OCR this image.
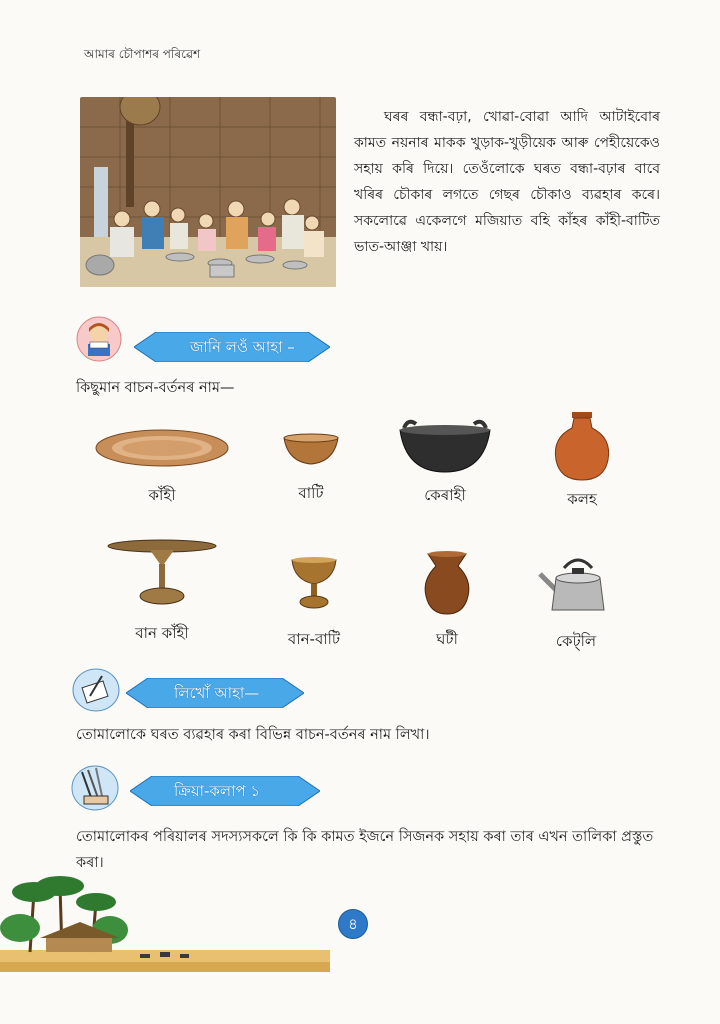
আমাৰ চৌপাশৰ পৰিৱেশ
ঘৰৰ বন্ধা-বঢ়া, খোৱা-বোৱা আদি আটাইবোৰ কামত নয়নাৰ মাকক খুড়াক-খুড়ীয়েক আৰু পেহীয়েকেও সহায় কৰি দিয়ে। তেওঁলোকে ঘৰত বন্ধা-বঢ়াৰ বাবে খৰিৰ চৌকাৰ লগতে গেছৰ চৌকাও ব্যৱহাৰ কৰে। সকলোৱে একেলগে মজিয়াত বহি কাঁহৰ কাঁহী-বাটিত ভাত-আঞ্জা খায়।
জানি লওঁ আহা –
কিছুমান বাচন-বৰ্তনৰ নাম—
কাঁহী	বাটি	কেৰাহী	কলহ
বান কাঁহী	বান-বাটি	ঘটী	কেট্‌লি
লিখোঁ আহা—
তোমালোকে ঘৰত ব্যৱহাৰ কৰা বিভিন্ন বাচন-বৰ্তনৰ নাম লিখা।
ক্ৰিয়া-কলাপ ১
তোমালোকৰ পৰিয়ালৰ সদস্যসকলে কি কি কামত ইজনে সিজনক সহায় কৰা তাৰ এখন তালিকা প্ৰস্তুত কৰা।
৪
